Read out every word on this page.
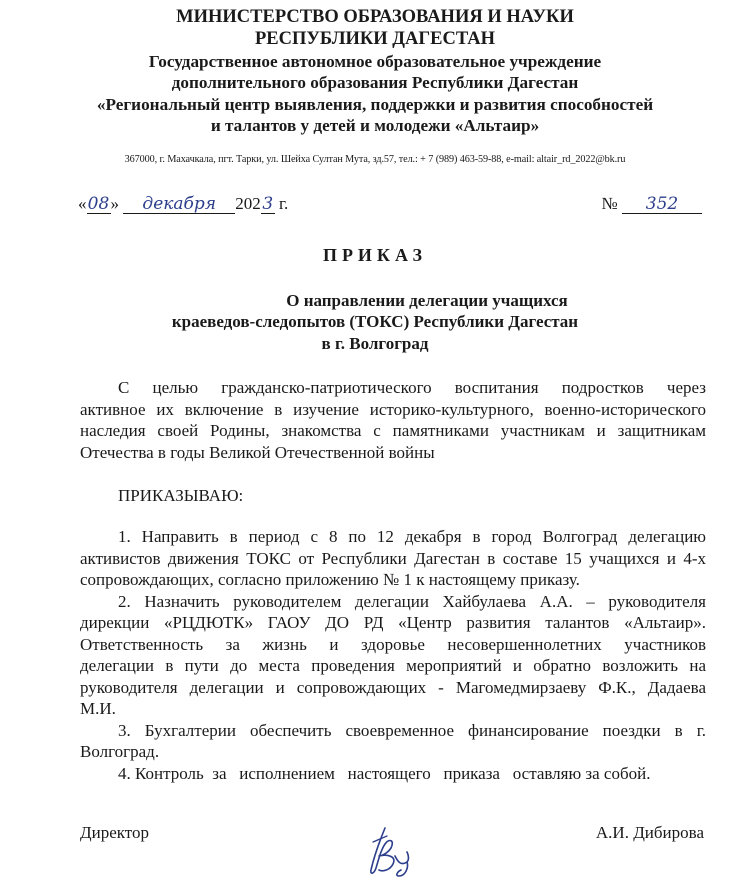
МИНИСТЕРСТВО ОБРАЗОВАНИЯ И НАУКИ

РЕСПУБЛИКИ ДАГЕСТАН

Государственное автономное образовательное учреждение

дополнительного образования Республики Дагестан

«Региональный центр выявления, поддержки и развития способностей

и талантов у детей и молодежи «Альтаир»

367000, г. Махачкала, пгт. Тарки, ул. Шейха Султан Мута, зд.57, тел.: + 7 (989) 463-59-88, e-mail: altair_rd_2022@bk.ru

«08» декабря 2023 г.	№ 352

ПРИКАЗ

О направлении делегации учащихся

краеведов-следопытов (ТОКС) Республики Дагестан

в г. Волгоград

С целью гражданско-патриотического воспитания подростков через
активное их включение в изучение историко-культурного, военно-исторического
наследия своей Родины, знакомства с памятниками участникам и защитникам
Отечества в годы Великой Отечественной войны

ПРИКАЗЫВАЮ:

1. Направить в период с 8 по 12 декабря в город Волгоград делегацию
активистов движения ТОКС от Республики Дагестан в составе 15 учащихся и 4-х
сопровождающих, согласно приложению № 1 к настоящему приказу.
2. Назначить руководителем делегации Хайбулаева А.А. – руководителя
дирекции «РЦДЮТК» ГАОУ ДО РД «Центр развития талантов «Альтаир».
Ответственность за жизнь и здоровье несовершеннолетних участников
делегации в пути до места проведения мероприятий и обратно возложить на
руководителя делегации и сопровождающих - Магомедмирзаеву Ф.К., Дадаева
М.И.
3. Бухгалтерии обеспечить своевременное финансирование поездки в г.
Волгоград.
4. Контроль  за   исполнением   настоящего   приказа   оставляю за собой.

Директор	А.И. Дибирова
